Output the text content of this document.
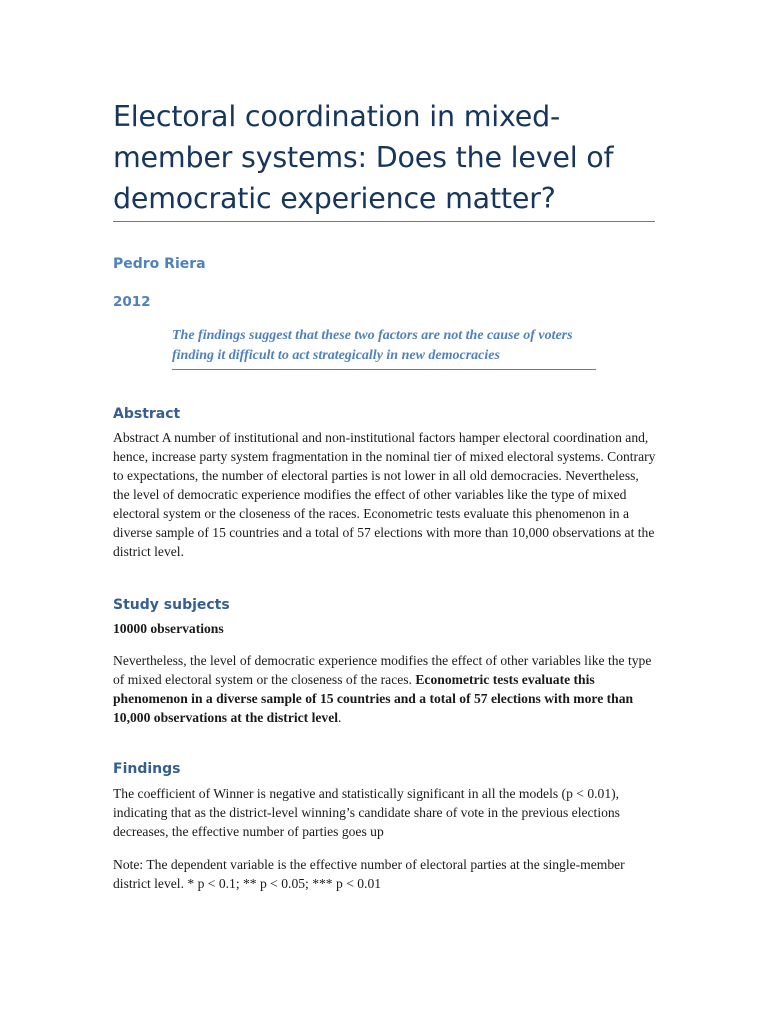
Electoral coordination in mixed-member systems: Does the level of democratic experience matter?
Pedro Riera
2012
The findings suggest that these two factors are not the cause of voters finding it difficult to act strategically in new democracies
Abstract

Abstract A number of institutional and non-institutional factors hamper electoral coordination and, hence, increase party system fragmentation in the nominal tier of mixed electoral systems. Contrary to expectations, the number of electoral parties is not lower in all old democracies. Nevertheless, the level of democratic experience modifies the effect of other variables like the type of mixed electoral system or the closeness of the races. Econometric tests evaluate this phenomenon in a diverse sample of 15 countries and a total of 57 elections with more than 10,000 observations at the district level.

Study subjects
10000 observations

Nevertheless, the level of democratic experience modifies the effect of other variables like the type of mixed electoral system or the closeness of the races. Econometric tests evaluate this phenomenon in a diverse sample of 15 countries and a total of 57 elections with more than 10,000 observations at the district level.

Findings

The coefficient of Winner is negative and statistically significant in all the models (p < 0.01), indicating that as the district-level winning’s candidate share of vote in the previous elections decreases, the effective number of parties goes up

Note: The dependent variable is the effective number of electoral parties at the single-member district level. * p < 0.1; ** p < 0.05; *** p < 0.01
